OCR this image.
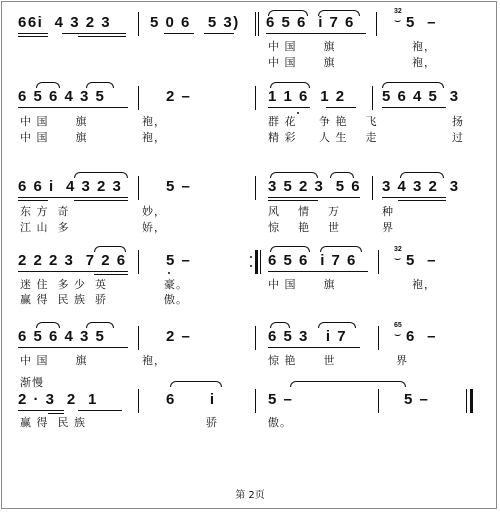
66i  4 3 2 3	5 0 6   5 3) 6 5 6  i 7 6
32
⌣ 5  –
中 国      旗	袍，
中 国      旗	袍，
6 5 6 4 3 5	2 –	1 1 6  1 2 5 6 4 5  3
中 国      旗	袍，	群 花     争 艳    飞	扬
中 国      旗	袍，	精 彩     人 生    走	过
6 6 i  4 3 2 3	5 –	3 5 2 3  5 6 3 4 3 2  3
东 方  奇	妙，	风    情    万	种
江 山  多	娇，	惊    艳    世	界
2 2 2 3  7 2 6	5 –	6 5 6  i 7 6
32
⌣ 5  –
迷 住  多 少  英	豪。	中 国      旗	袍，
赢 得  民 族  骄	傲。
6 5 6 4 3 5	2 –	6 5 3   i 7
65
⌣ 6  –
中 国      旗	袍，	惊 艳      世	界
渐慢
2 · 3  2  1	6      i	5 –	5 –
赢 得  民 族	骄	傲。
第 2页
